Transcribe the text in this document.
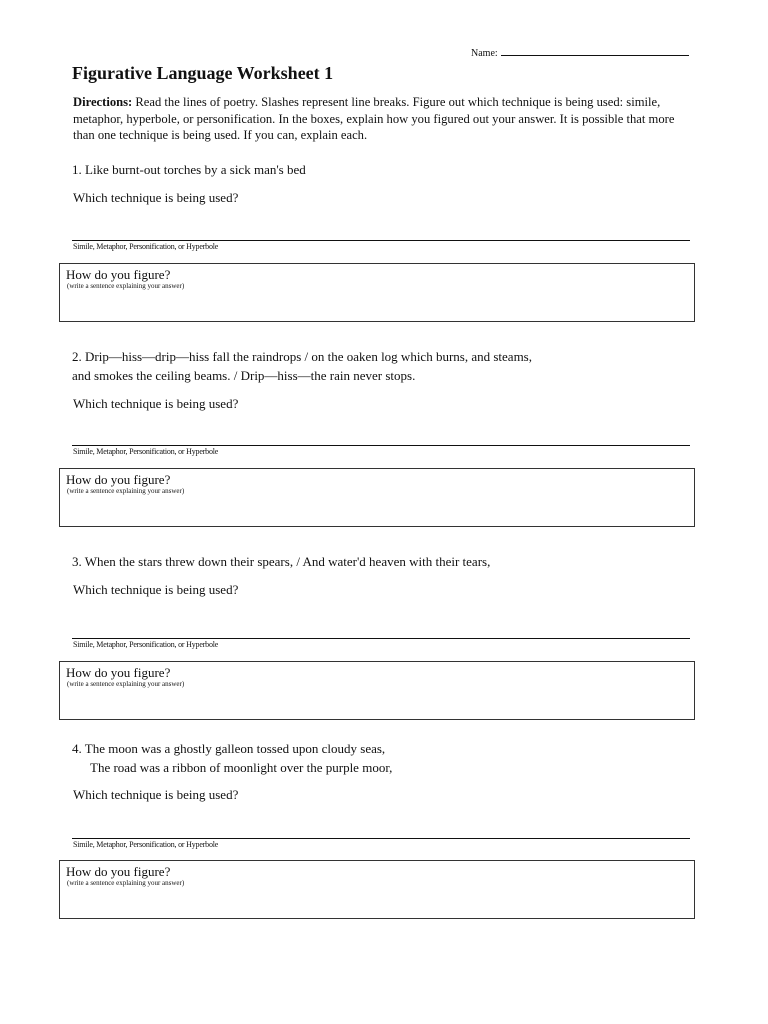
Name:
Figurative Language Worksheet 1

Directions: Read the lines of poetry. Slashes represent line breaks. Figure out which technique is being used: simile, metaphor, hyperbole, or personification. In the boxes, explain how you figured out your answer. It is possible that more than one technique is being used. If you can, explain each.

1. Like burnt-out torches by a sick man's bed

Which technique is being used?

Simile, Metaphor, Personification, or Hyperbole
How do you figure?
(write a sentence explaining your answer)

2. Drip—hiss—drip—hiss fall the raindrops / on the oaken log which burns, and steams,

and smokes the ceiling beams. / Drip—hiss—the rain never stops.

Which technique is being used?

Simile, Metaphor, Personification, or Hyperbole
How do you figure?
(write a sentence explaining your answer)

3. When the stars threw down their spears, / And water'd heaven with their tears,

Which technique is being used?

Simile, Metaphor, Personification, or Hyperbole
How do you figure?
(write a sentence explaining your answer)

4. The moon was a ghostly galleon tossed upon cloudy seas,

The road was a ribbon of moonlight over the purple moor,

Which technique is being used?

Simile, Metaphor, Personification, or Hyperbole
How do you figure?
(write a sentence explaining your answer)
